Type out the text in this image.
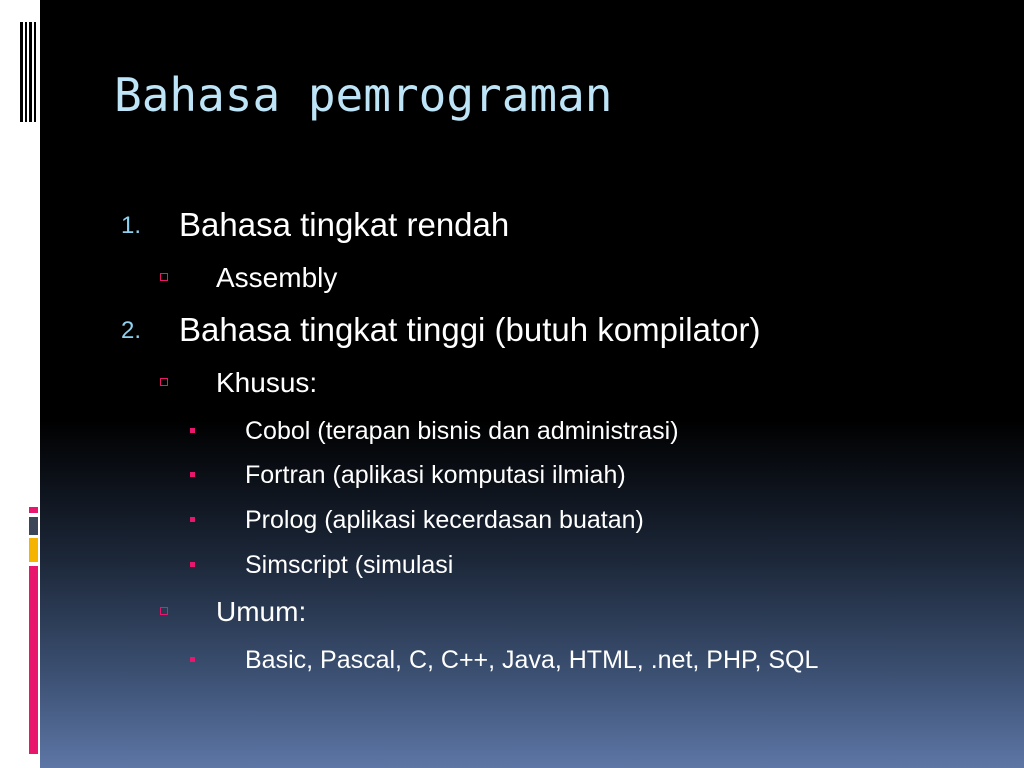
Bahasa pemrograman
1. Bahasa tingkat rendah
Assembly
2. Bahasa tingkat tinggi (butuh kompilator)
Khusus:
Cobol (terapan bisnis dan administrasi)
Fortran (aplikasi komputasi ilmiah)
Prolog (aplikasi kecerdasan buatan)
Simscript (simulasi
Umum:
Basic, Pascal, C, C++, Java, HTML, .net, PHP, SQL
